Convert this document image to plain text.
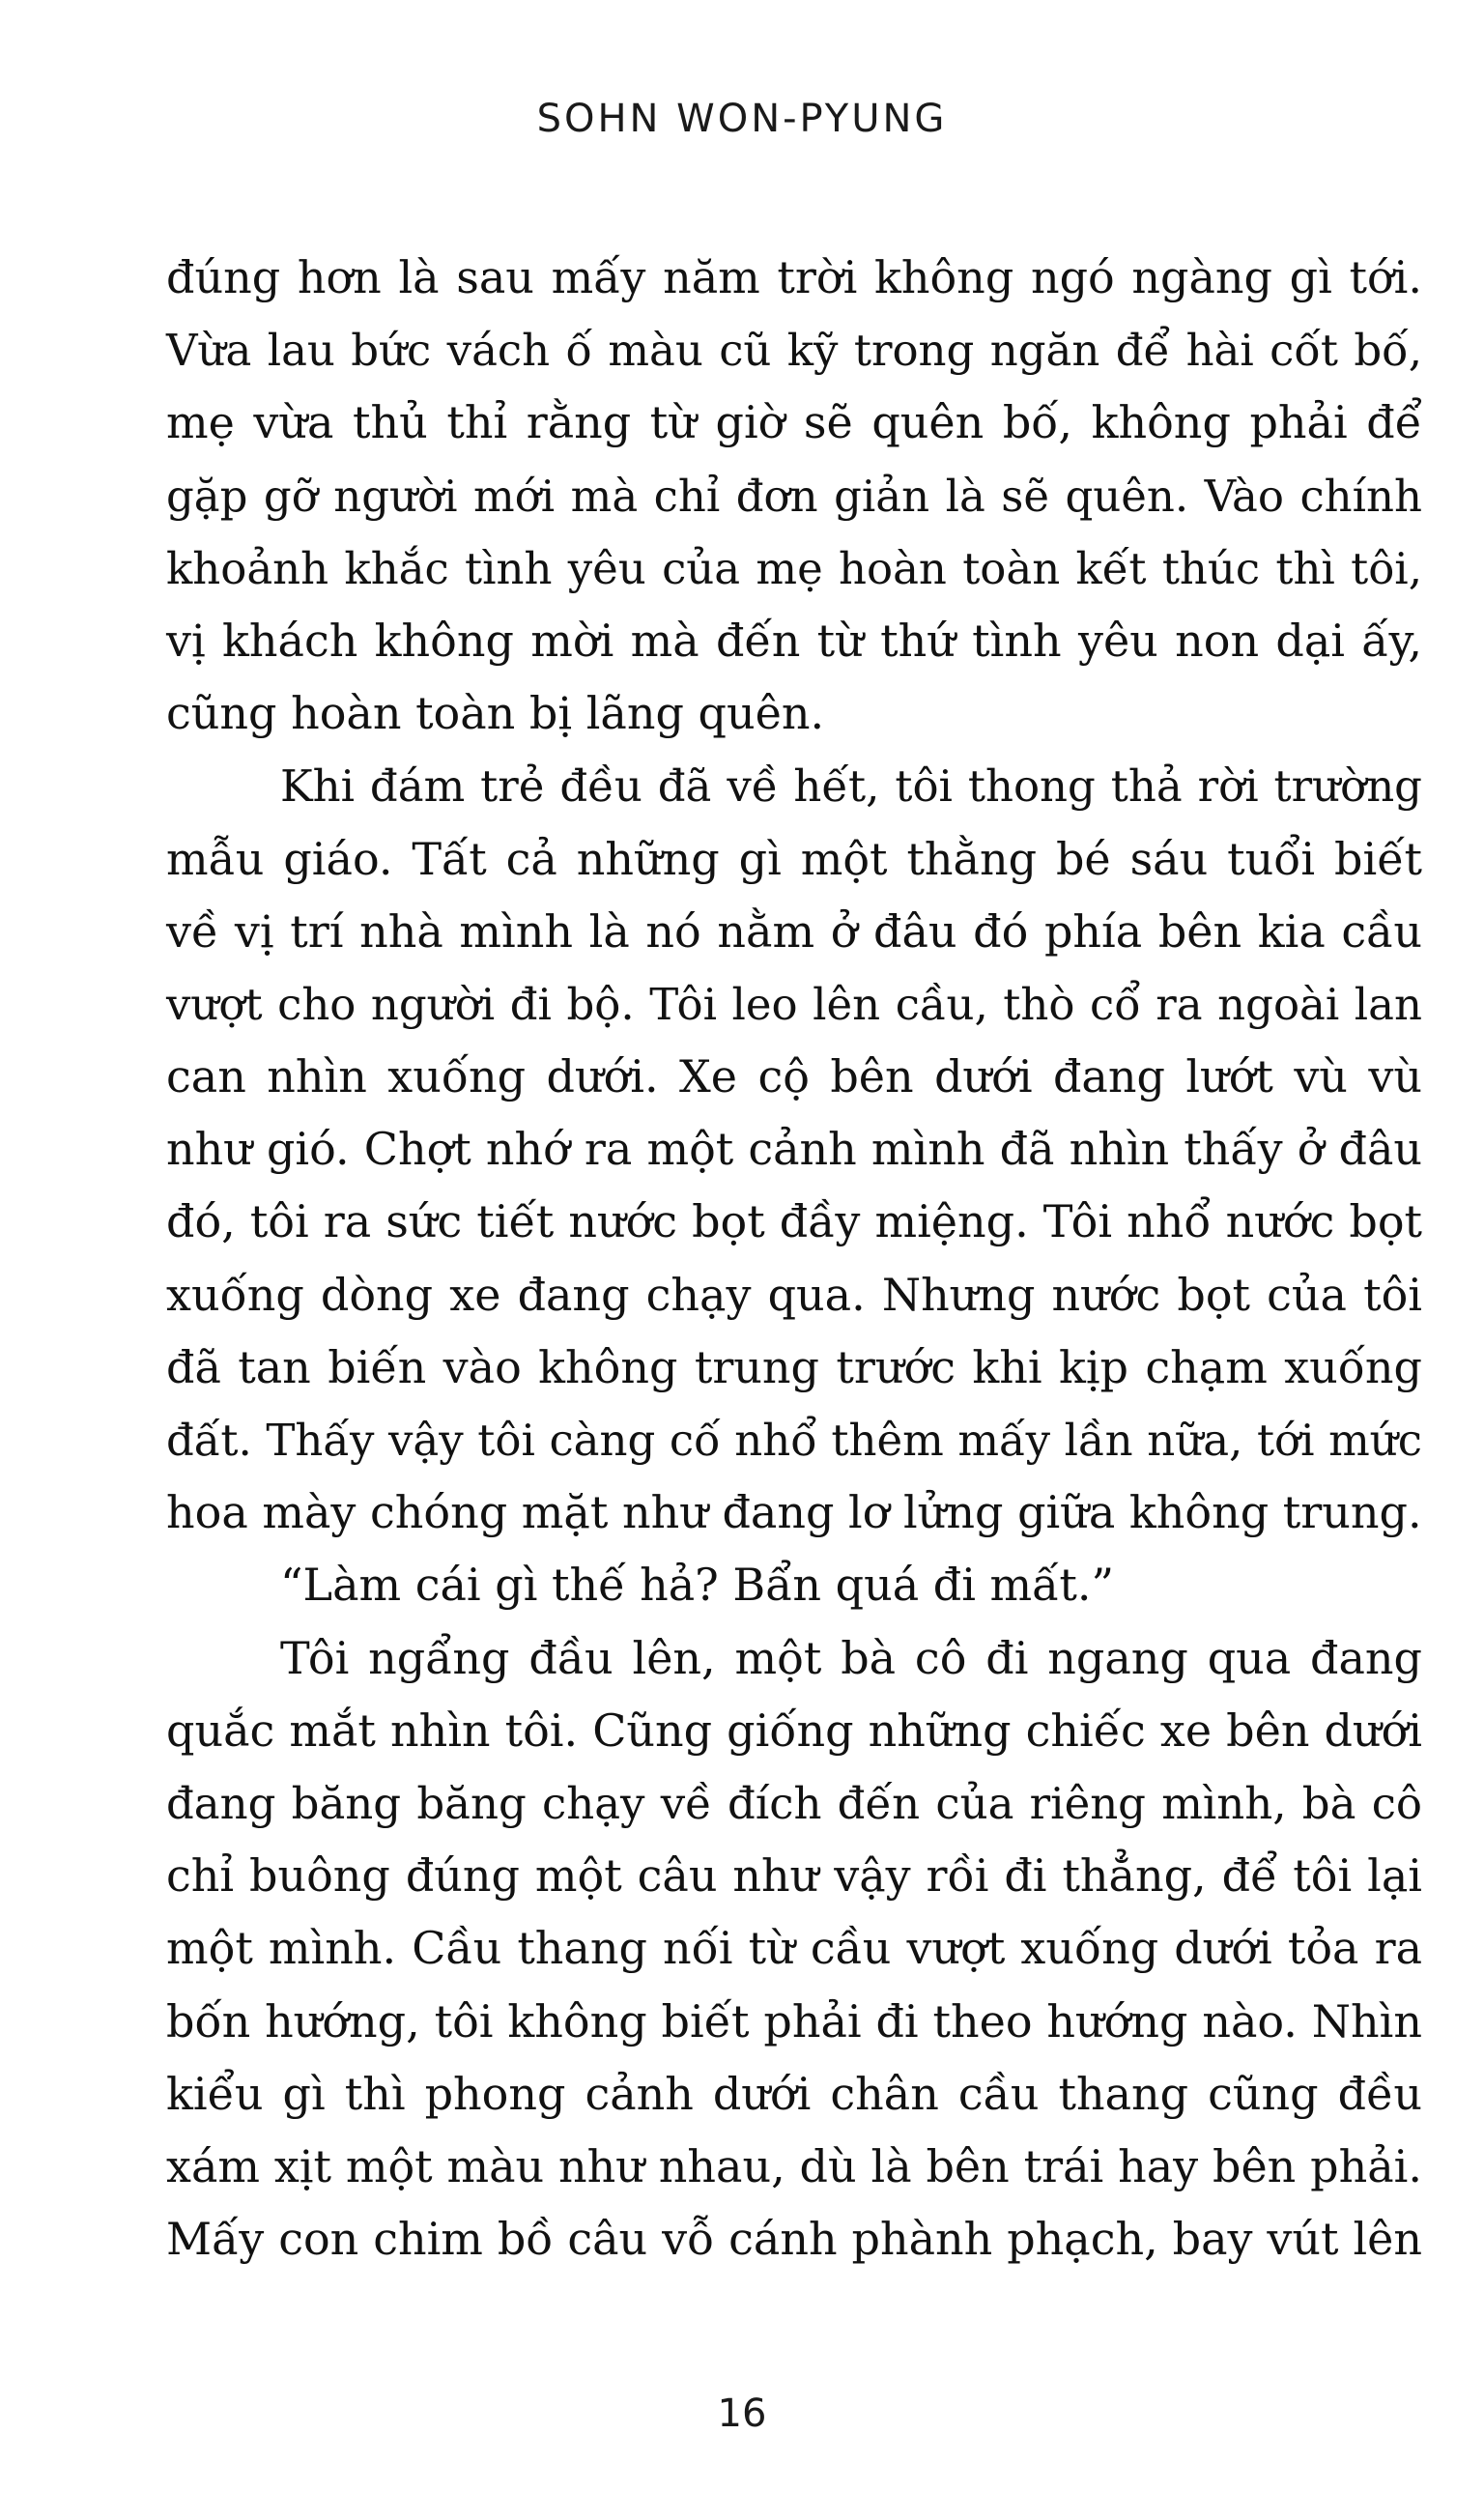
SOHN WON-PYUNG
đúng hơn là sau mấy năm trời không ngó ngàng gì tới.
Vừa lau bức vách ố màu cũ kỹ trong ngăn để hài cốt bố,
mẹ vừa thủ thỉ rằng từ giờ sẽ quên bố, không phải để
gặp gỡ người mới mà chỉ đơn giản là sẽ quên. Vào chính
khoảnh khắc tình yêu của mẹ hoàn toàn kết thúc thì tôi,
vị khách không mời mà đến từ thứ tình yêu non dại ấy,
cũng hoàn toàn bị lãng quên.
Khi đám trẻ đều đã về hết, tôi thong thả rời trường
mẫu giáo. Tất cả những gì một thằng bé sáu tuổi biết
về vị trí nhà mình là nó nằm ở đâu đó phía bên kia cầu
vượt cho người đi bộ. Tôi leo lên cầu, thò cổ ra ngoài lan
can nhìn xuống dưới. Xe cộ bên dưới đang lướt vù vù
như gió. Chợt nhớ ra một cảnh mình đã nhìn thấy ở đâu
đó, tôi ra sức tiết nước bọt đầy miệng. Tôi nhổ nước bọt
xuống dòng xe đang chạy qua. Nhưng nước bọt của tôi
đã tan biến vào không trung trước khi kịp chạm xuống
đất. Thấy vậy tôi càng cố nhổ thêm mấy lần nữa, tới mức
hoa mày chóng mặt như đang lơ lửng giữa không trung.
“Làm cái gì thế hả? Bẩn quá đi mất.”
Tôi ngẩng đầu lên, một bà cô đi ngang qua đang
quắc mắt nhìn tôi. Cũng giống những chiếc xe bên dưới
đang băng băng chạy về đích đến của riêng mình, bà cô
chỉ buông đúng một câu như vậy rồi đi thẳng, để tôi lại
một mình. Cầu thang nối từ cầu vượt xuống dưới tỏa ra
bốn hướng, tôi không biết phải đi theo hướng nào. Nhìn
kiểu gì thì phong cảnh dưới chân cầu thang cũng đều
xám xịt một màu như nhau, dù là bên trái hay bên phải.
Mấy con chim bồ câu vỗ cánh phành phạch, bay vút lên
16
